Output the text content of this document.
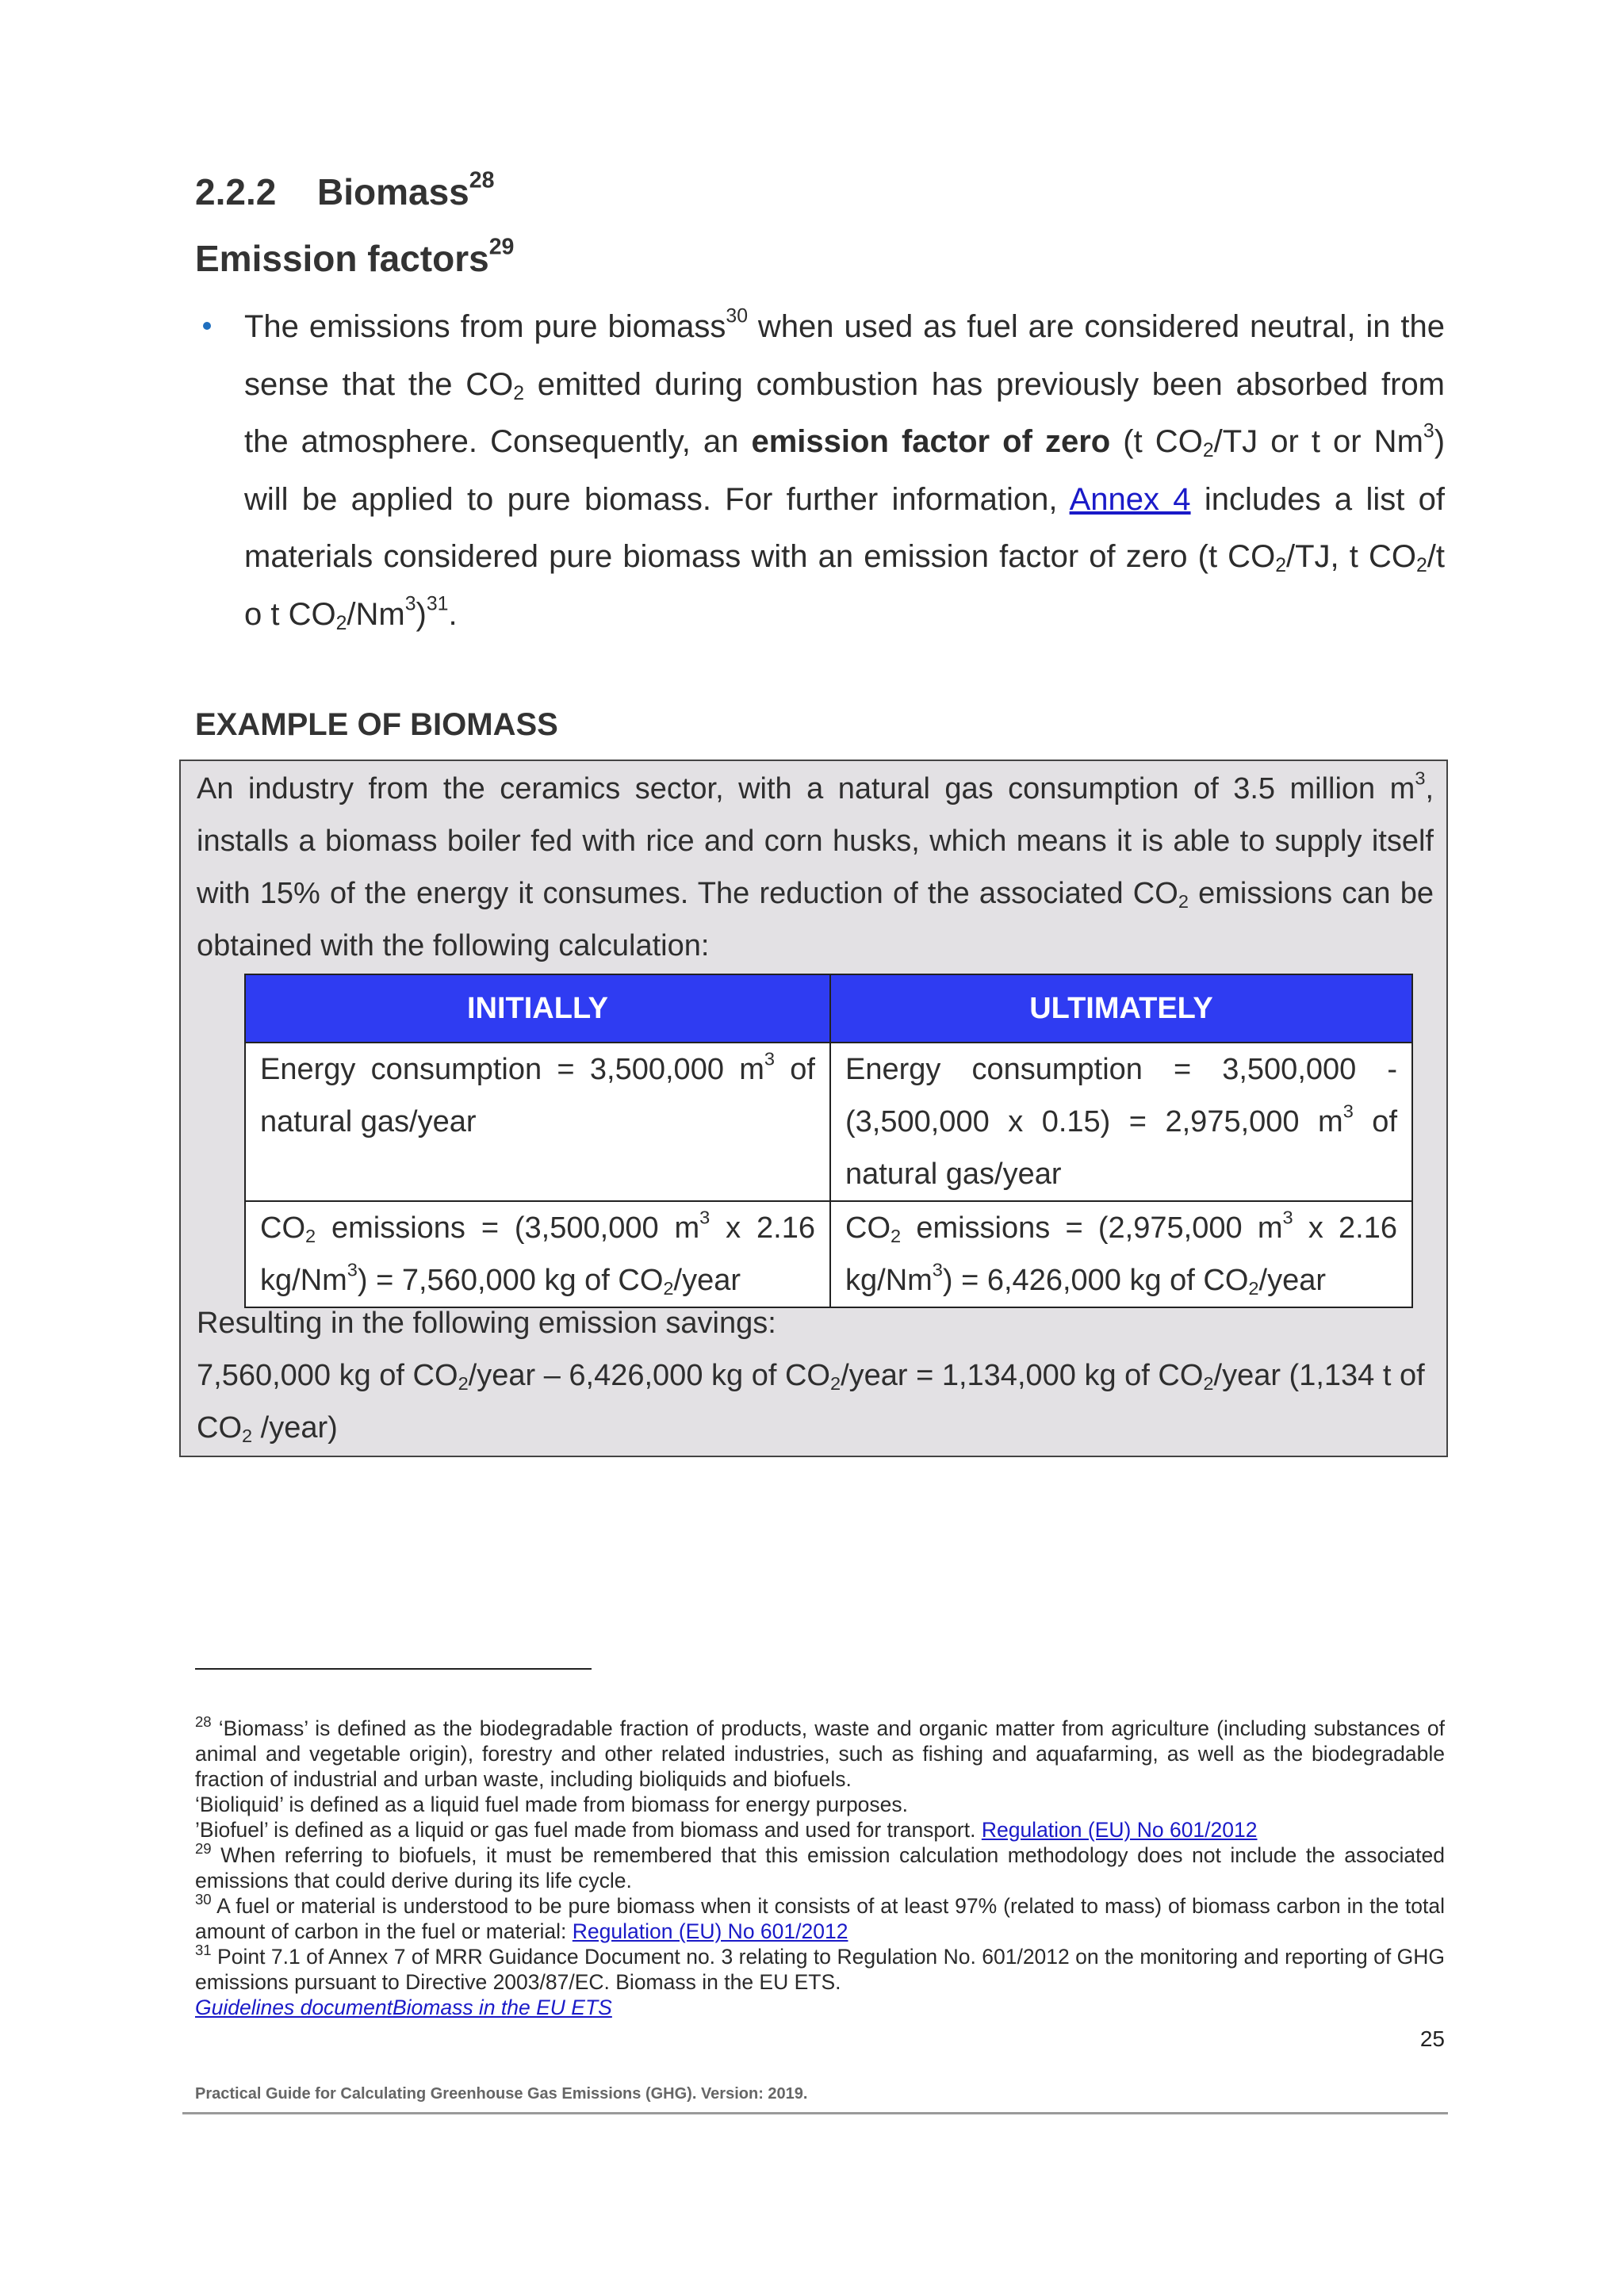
2.2.2 Biomass$^{28}$
Emission factors$^{29}$
The emissions from pure biomass$^{30}$ when used as fuel are considered neutral, in the sense that the $CO_2$ emitted during combustion has previously been absorbed from the atmosphere. Consequently, an emission factor of zero (t $CO_2/TJ$ or t or Nm$^3$) will be applied to pure biomass. For further information, Annex 4 includes a list of materials considered pure biomass with an emission factor of zero (t $CO_2/TJ$, t $CO_2/t$ o t $CO_2/Nm^3)^{31}$.
EXAMPLE OF BIOMASS
An industry from the ceramics sector, with a natural gas consumption of 3.5 million $m^3$, installs a biomass boiler fed with rice and corn husks, which means it is able to supply itself with 15% of the energy it consumes. The reduction of the associated $CO_2$ emissions can be obtained with the following calculation:
INITIALLY	ULTIMATELY
Energy consumption = 3,500,000 $m^3$ of natural gas/year	Energy consumption = 3,500,000 - (3,500,000 x 0.15) = 2,975,000 $m^3$ of natural gas/year
$CO_2$ emissions = (3,500,000 $m^3$ x 2.16 $kg/Nm^3) = 7,560,000$ kg of $CO_2$/year	$CO_2$ emissions = (2,975,000 $m^3$ x 2.16 $kg/Nm^3) = 6,426,000$ kg of $CO_2$/year
Resulting in the following emission savings:
7,560,000 kg of $CO_2$/year – 6,426,000 kg of $CO_2$/year = 1,134,000 kg of $CO_2$/year (1,134 t of $CO_2$ /year)

$^{28}$ ‘Biomass’ is defined as the biodegradable fraction of products, waste and organic matter from agriculture (including substances of animal and vegetable origin), forestry and other related industries, such as fishing and aquafarming, as well as the biodegradable fraction of industrial and urban waste, including bioliquids and biofuels.

‘Bioliquid’ is defined as a liquid fuel made from biomass for energy purposes.

’Biofuel’ is defined as a liquid or gas fuel made from biomass and used for transport. Regulation (EU) No 601/2012

$^{29}$ When referring to biofuels, it must be remembered that this emission calculation methodology does not include the associated emissions that could derive during its life cycle.

$^{30}$ A fuel or material is understood to be pure biomass when it consists of at least 97% (related to mass) of biomass carbon in the total amount of carbon in the fuel or material: Regulation (EU) No 601/2012

$^{31}$ Point 7.1 of Annex 7 of MRR Guidance Document no. 3 relating to Regulation No. 601/2012 on the monitoring and reporting of GHG emissions pursuant to Directive 2003/87/EC. Biomass in the EU ETS.

Guidelines documentBiomass in the EU ETS

25
Practical Guide for Calculating Greenhouse Gas Emissions (GHG). Version: 2019.
